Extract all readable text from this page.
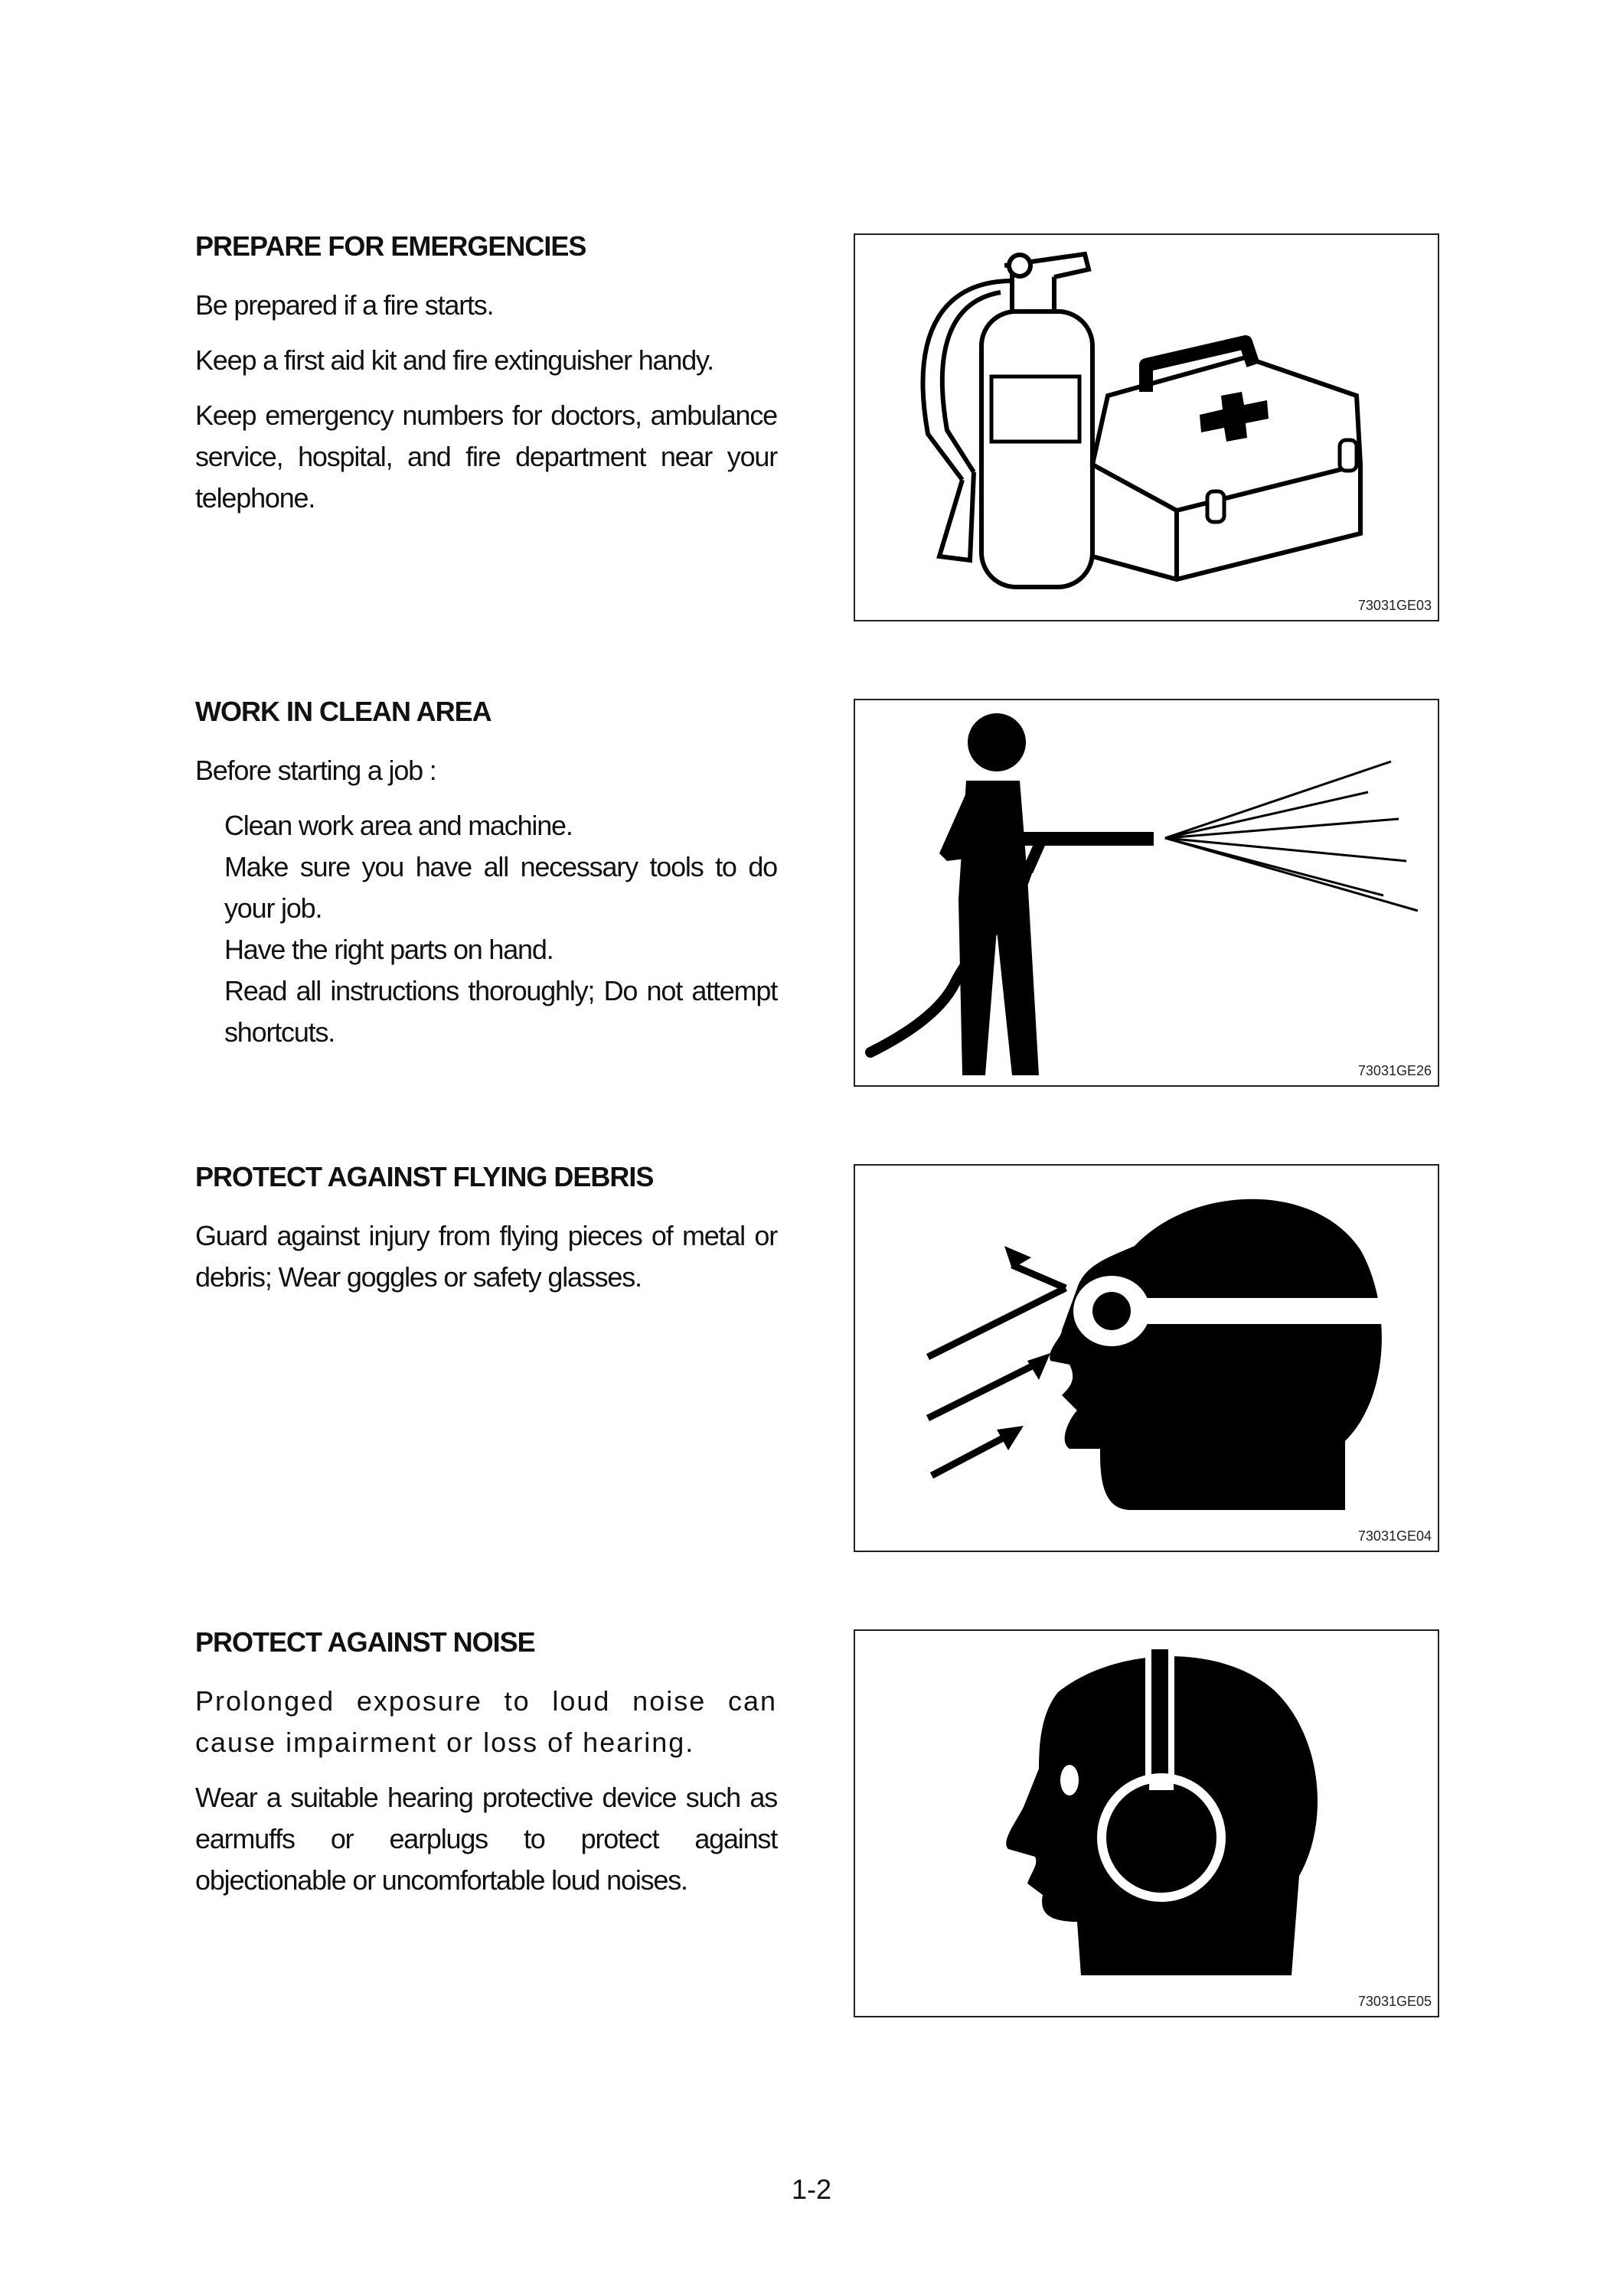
PREPARE FOR EMERGENCIES

Be prepared if a fire starts.

Keep a first aid kit and fire extinguisher handy.

Keep emergency numbers for doctors, ambulance service, hospital, and fire department near your telephone.

73031GE03
WORK IN CLEAN AREA

Before starting a job :

Clean work area and machine.

Make sure you have all necessary tools to do your job.

Have the right parts on hand.

Read all instructions thoroughly; Do not attempt shortcuts.

73031GE26
PROTECT AGAINST FLYING DEBRIS

Guard against injury from flying pieces of metal or debris; Wear goggles or safety glasses.

73031GE04
PROTECT AGAINST NOISE

Prolonged exposure to loud noise can cause impairment or loss of hearing.

Wear a suitable hearing protective device such as earmuffs or earplugs to protect against objectionable or uncomfortable loud noises.

73031GE05
1-2
